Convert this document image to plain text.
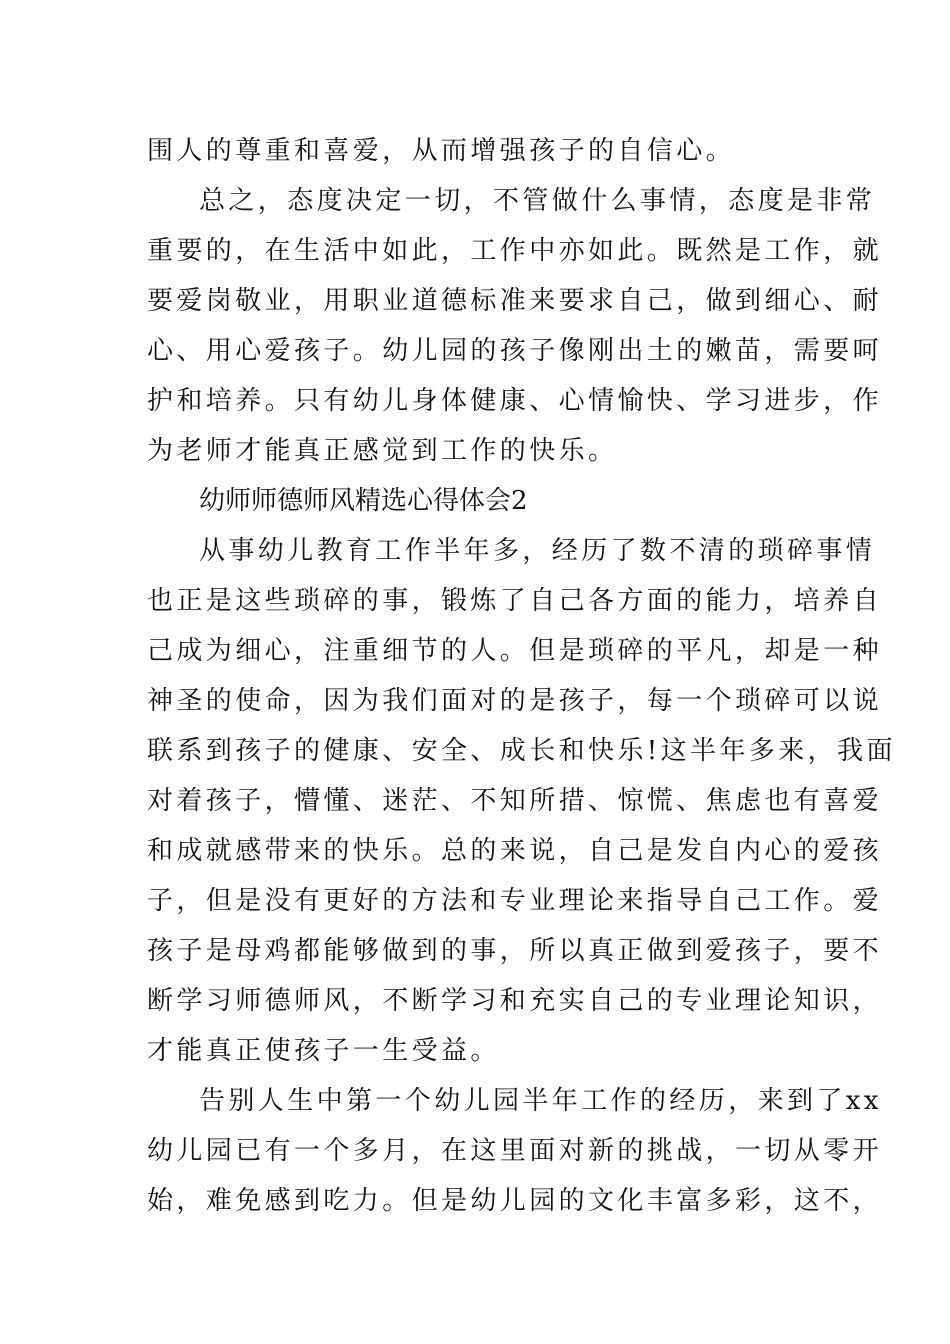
围人的尊重和喜爱，从而增强孩子的自信心。
总之，态度决定一切，不管做什么事情，态度是非常
重要的，在生活中如此，工作中亦如此。既然是工作，就
要爱岗敬业，用职业道德标准来要求自己，做到细心、耐
心、用心爱孩子。幼儿园的孩子像刚出土的嫩苗，需要呵
护和培养。只有幼儿身体健康、心情愉快、学习进步，作
为老师才能真正感觉到工作的快乐。
幼师师德师风精选心得体会2
从事幼儿教育工作半年多，经历了数不清的琐碎事情
也正是这些琐碎的事，锻炼了自己各方面的能力，培养自
己成为细心，注重细节的人。但是琐碎的平凡，却是一种
神圣的使命，因为我们面对的是孩子，每一个琐碎可以说
联系到孩子的健康、安全、成长和快乐!这半年多来，我面
对着孩子，懵懂、迷茫、不知所措、惊慌、焦虑也有喜爱
和成就感带来的快乐。总的来说，自己是发自内心的爱孩
子，但是没有更好的方法和专业理论来指导自己工作。爱
孩子是母鸡都能够做到的事，所以真正做到爱孩子，要不
断学习师德师风，不断学习和充实自己的专业理论知识，
才能真正使孩子一生受益。
告别人生中第一个幼儿园半年工作的经历，来到了xx
幼儿园已有一个多月，在这里面对新的挑战，一切从零开
始，难免感到吃力。但是幼儿园的文化丰富多彩，这不，
